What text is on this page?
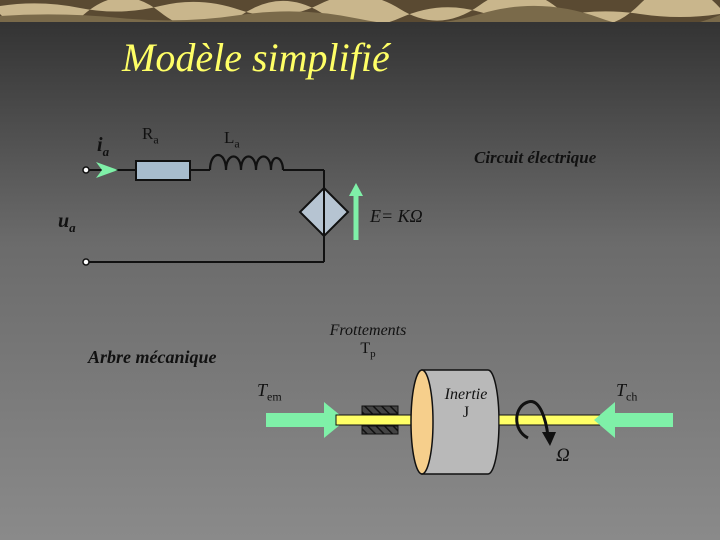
Modèle simplifié
$i_a$
$R_a$	$L_a$
Circuit électrique
$u_a$
E= KΩ
Frottements
$T_p$
Arbre mécanique
$T_{em}$	Inertie
J
$T_{ch}$
Ω
